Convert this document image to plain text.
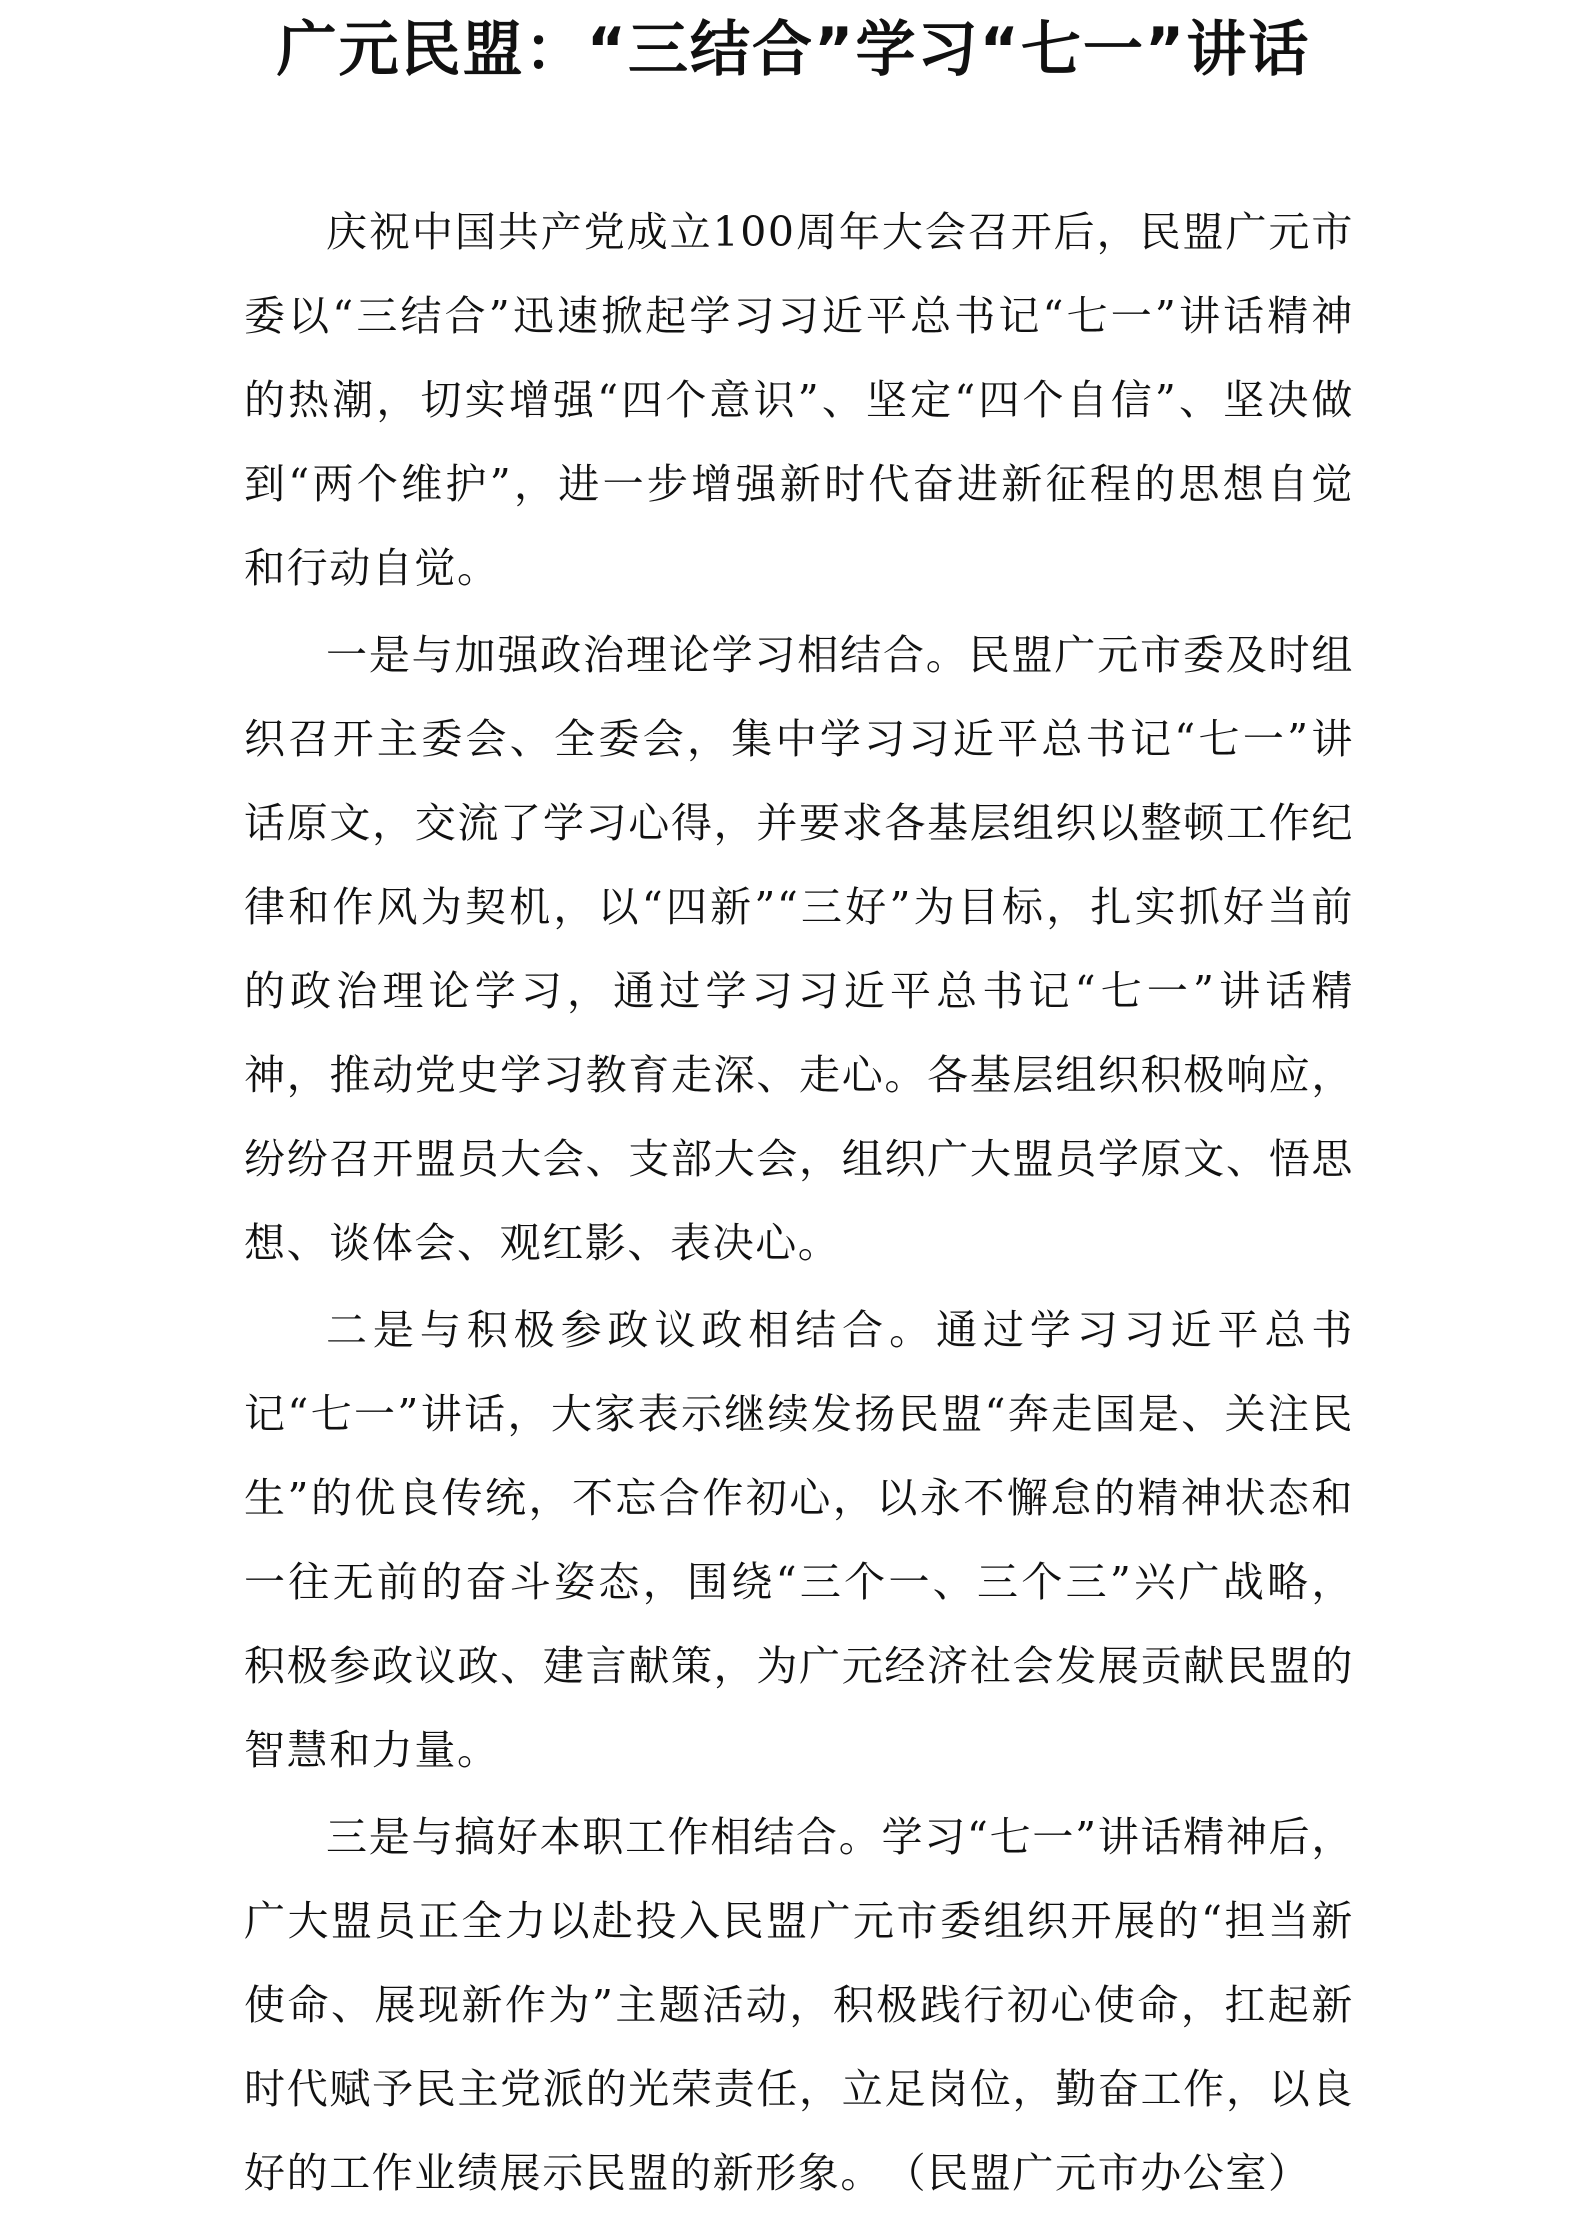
广元民盟：“三结合”学习“七一”讲话

庆祝中国共产党成立100周年大会召开后，民盟广元市委以“三结合”迅速掀起学习习近平总书记“七一”讲话精神的热潮，切实增强“四个意识”、坚定“四个自信”、坚决做到“两个维护”，进一步增强新时代奋进新征程的思想自觉和行动自觉。

一是与加强政治理论学习相结合。民盟广元市委及时组织召开主委会、全委会，集中学习习近平总书记“七一”讲话原文，交流了学习心得，并要求各基层组织以整顿工作纪律和作风为契机，以“四新”“三好”为目标，扎实抓好当前的政治理论学习，通过学习习近平总书记“七一”讲话精神，推动党史学习教育走深、走心。各基层组织积极响应，纷纷召开盟员大会、支部大会，组织广大盟员学原文、悟思想、谈体会、观红影、表决心。

二是与积极参政议政相结合。通过学习习近平总书记“七一”讲话，大家表示继续发扬民盟“奔走国是、关注民生”的优良传统，不忘合作初心，以永不懈怠的精神状态和一往无前的奋斗姿态，围绕“三个一、三个三”兴广战略，积极参政议政、建言献策，为广元经济社会发展贡献民盟的智慧和力量。

三是与搞好本职工作相结合。学习“七一”讲话精神后，广大盟员正全力以赴投入民盟广元市委组织开展的“担当新使命、展现新作为”主题活动，积极践行初心使命，扛起新时代赋予民主党派的光荣责任，立足岗位，勤奋工作，以良好的工作业绩展示民盟的新形象。　（民盟广元市办公室）
